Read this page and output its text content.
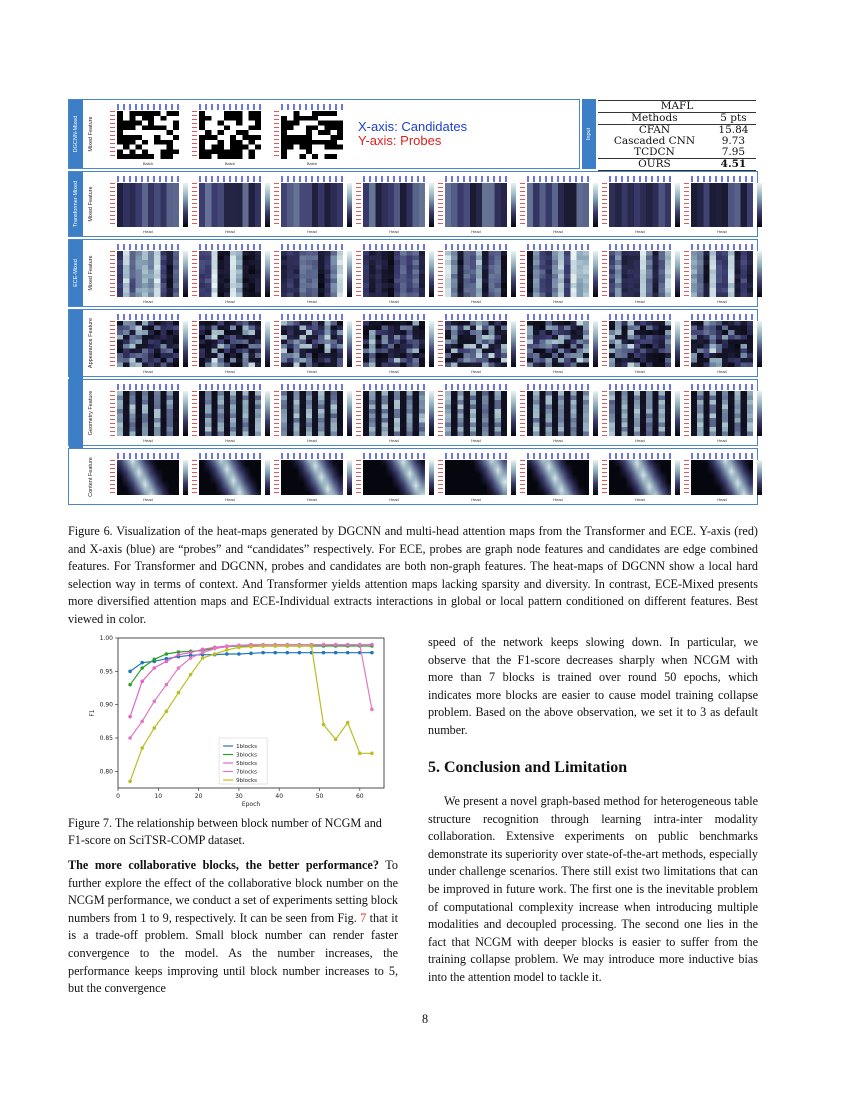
DGCNN-Mixed Mixed Feature
Batch	Batch	Batch
Transformer-Mixed Mixed Feature
Head	Head	Head	Head	Head	Head	Head	Head
ECE-Mixed Mixed Feature
Head	Head	Head	Head	Head	Head	Head	Head
Appearance Feature
Head	Head	Head	Head	Head	Head	Head	Head
Geometry Feature
Head	Head	Head	Head	Head	Head	Head	Head
Content Feature
Head	Head	Head	Head	Head	Head	Head	Head
X-axis: Candidates
Y-axis: Probes	Input
MAFL	
Methods	5 pts
CFAN	15.84
Cascaded CNN	9.73
TCDCN	7.95
OURS	4.51

Figure 6. Visualization of the heat-maps generated by DGCNN and multi-head attention maps from the Transformer and ECE. Y-axis (red) and X-axis (blue) are “probes” and “candidates” respectively. For ECE, probes are graph node features and candidates are edge combined features. For Transformer and DGCNN, probes and candidates are both non-graph features. The heat-maps of DGCNN show a local hard selection way in terms of context. And Transformer yields attention maps lacking sparsity and diversity. In contrast, ECE-Mixed presents more diversified attention maps and ECE-Individual extracts interactions in global or local pattern conditioned on different features. Best viewed in color.

0	10	20	30	40	50	60
0.80
0.85
0.90
0.95
1.00
Epoch
F1
1blocks
3blocks
5blocks
7blocks
9blocks

Figure 7. The relationship between block number of NCGM and F1-score on SciTSR-COMP dataset.

The more collaborative blocks, the better performance? To further explore the effect of the collaborative block number on the NCGM performance, we conduct a set of experiments setting block numbers from 1 to 9, respectively. It can be seen from Fig. 7 that it is a trade-off problem. Small block number can render faster convergence to the model. As the number increases, the performance keeps improving until block number increases to 5, but the convergence

speed of the network keeps slowing down. In particular, we observe that the F1-score decreases sharply when NCGM with more than 7 blocks is trained over round 50 epochs, which indicates more blocks are easier to cause model training collapse problem. Based on the above observation, we set it to 3 as default number.

5. Conclusion and Limitation

We present a novel graph-based method for heterogeneous table structure recognition through learning intra-inter modality collaboration. Extensive experiments on public benchmarks demonstrate its superiority over state-of-the-art methods, especially under challenge scenarios. There still exist two limitations that can be improved in future work. The first one is the inevitable problem of computational complexity increase when introducing multiple modalities and decoupled processing. The second one lies in the fact that NCGM with deeper blocks is easier to suffer from the training collapse problem. We may introduce more inductive bias into the attention model to tackle it.

8
